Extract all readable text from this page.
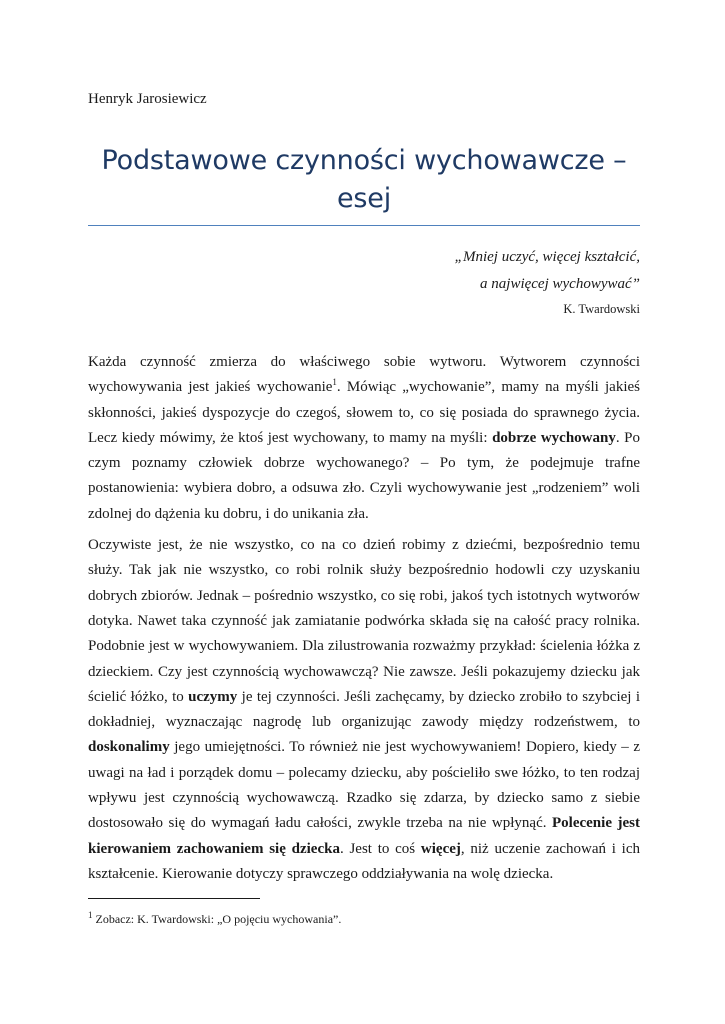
Henryk Jarosiewicz
Podstawowe czynności wychowawcze –
esej
„Mniej uczyć, więcej kształcić,
a najwięcej wychowywać”
K. Twardowski

Każda czynność zmierza do właściwego sobie wytworu. Wytworem czynności wychowywania jest jakieś wychowanie$^1$. Mówiąc „wychowanie”, mamy na myśli jakieś skłonności, jakieś dyspozycje do czegoś, słowem to, co się posiada do sprawnego życia. Lecz kiedy mówimy, że ktoś jest wychowany, to mamy na myśli: dobrze wychowany. Po czym poznamy człowiek dobrze wychowanego? – Po tym, że podejmuje trafne postanowienia: wybiera dobro, a odsuwa zło. Czyli wychowywanie jest „rodzeniem” woli zdolnej do dążenia ku dobru, i do unikania zła.

Oczywiste jest, że nie wszystko, co na co dzień robimy z dziećmi, bezpośrednio temu służy. Tak jak nie wszystko, co robi rolnik służy bezpośrednio hodowli czy uzyskaniu dobrych zbiorów. Jednak – pośrednio wszystko, co się robi, jakoś tych istotnych wytworów dotyka. Nawet taka czynność jak zamiatanie podwórka składa się na całość pracy rolnika. Podobnie jest w wychowywaniem. Dla zilustrowania rozważmy przykład: ścielenia łóżka z dzieckiem. Czy jest czynnością wychowawczą? Nie zawsze. Jeśli pokazujemy dziecku jak ścielić łóżko, to uczymy je tej czynności. Jeśli zachęcamy, by dziecko zrobiło to szybciej i dokładniej, wyznaczając nagrodę lub organizując zawody między rodzeństwem, to doskonalimy jego umiejętności. To również nie jest wychowywaniem! Dopiero, kiedy – z uwagi na ład i porządek domu – polecamy dziecku, aby pościeliło swe łóżko, to ten rodzaj wpływu jest czynnością wychowawczą. Rzadko się zdarza, by dziecko samo z siebie dostosowało się do wymagań ładu całości, zwykle trzeba na nie wpłynąć. Polecenie jest kierowaniem zachowaniem się dziecka. Jest to coś więcej, niż uczenie zachowań i ich kształcenie. Kierowanie dotyczy sprawczego oddziaływania na wolę dziecka.

$^1$ Zobacz: K. Twardowski: „O pojęciu wychowania”.
